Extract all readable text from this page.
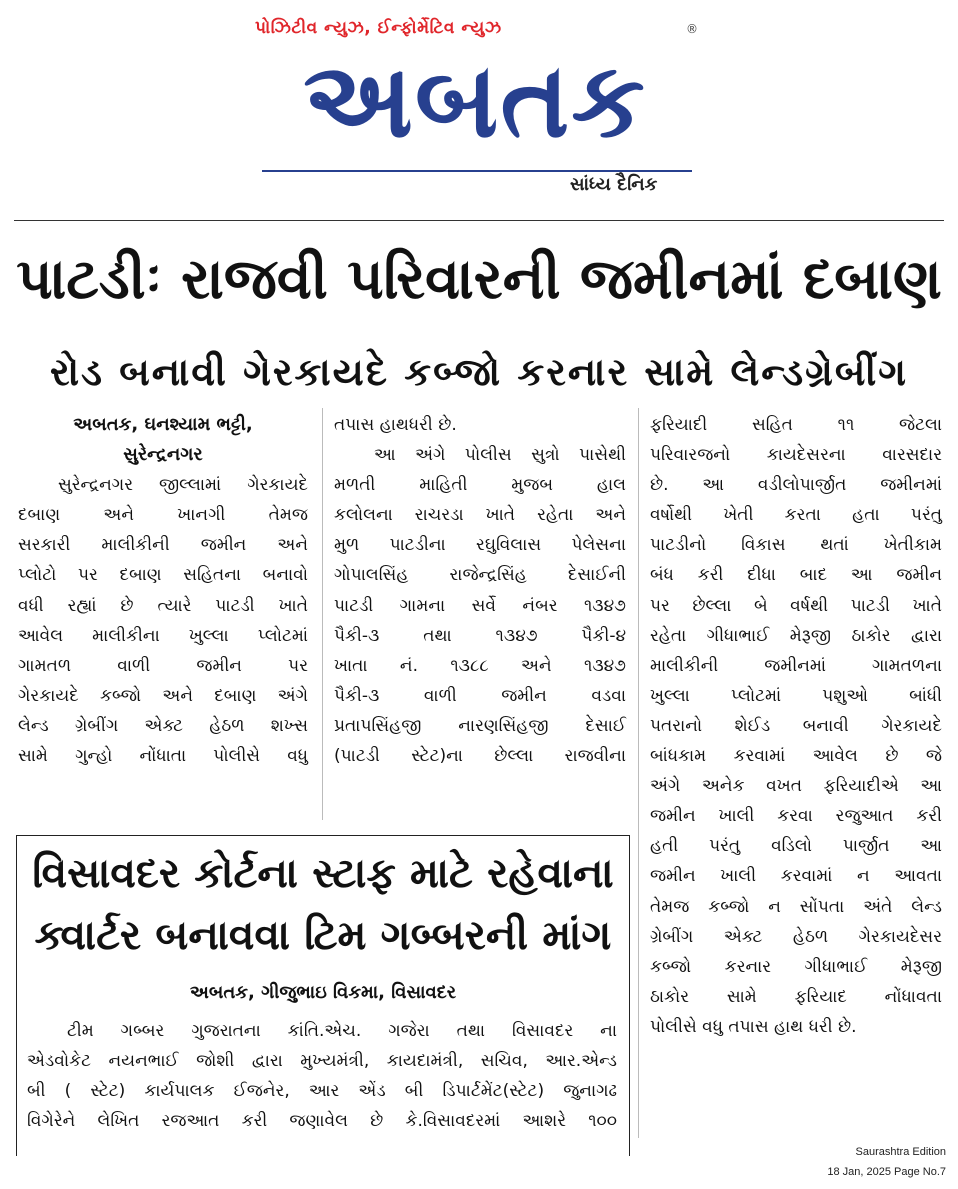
પોઝિટીવ ન્યુઝ, ઈન્ફોર્મેટિવ ન્યુઝ	®
અબતક
સાંધ્ય દૈનિક
પાટડીઃ રાજવી પરિવારની જમીનમાં દબાણ
રોડ બનાવી ગેરકાયદે કબ્જો કરનાર સામે લેન્ડગ્રેબીંગ
અબતક, ઘનશ્યામ ભટ્ટી,
સુરેન્દ્રનગર
સુરેન્દ્રનગર જીલ્લામાં ગેરકાયદે
દબાણ અને ખાનગી તેમજ
સરકારી માલીકીની જમીન અને
પ્લોટો પર દબાણ સહિતના બનાવો
વધી રહ્યાં છે ત્યારે પાટડી ખાતે
આવેલ માલીકીના ખુલ્લા પ્લોટમાં
ગામતળ વાળી જમીન પર
ગેરકાયદે કબ્જો અને દબાણ અંગે
લેન્ડ ગ્રેબીંગ એક્ટ હેઠળ શખ્સ
સામે ગુન્હો નોંધાતા પોલીસે વધુ
તપાસ હાથધરી છે.
આ અંગે પોલીસ સુત્રો પાસેથી
મળતી માહિતી મુજબ હાલ
કલોલના રાચરડા ખાતે રહેતા અને
મુળ પાટડીના રઘુવિલાસ પેલેસના
ગોપાલસિંહ રાજેન્દ્રસિંહ દેસાઈની
પાટડી ગામના સર્વે નંબર ૧૩૪૭
પૈકી-૩ તથા ૧૩૪૭ પૈકી-૪
ખાતા નં. ૧૩૮૮ અને ૧૩૪૭
પૈકી-૩ વાળી જમીન વડવા
પ્રતાપસિંહજી નારણસિંહજી દેસાઈ
(પાટડી સ્ટેટ)ના છેલ્લા રાજવીના
ફરિયાદી સહિત ૧૧ જેટલા
પરિવારજનો કાયદેસરના વારસદાર
છે. આ વડીલોપાર્જીત જમીનમાં
વર્ષોથી ખેતી કરતા હતા પરંતુ
પાટડીનો વિકાસ થતાં ખેતીકામ
બંધ કરી દીધા બાદ આ જમીન
પર છેલ્લા બે વર્ષથી પાટડી ખાતે
રહેતા ગીધાભાઈ મેરૂજી ઠાકોર દ્વારા
માલીકીની જમીનમાં ગામતળના
ખુલ્લા પ્લોટમાં પશુઓ બાંધી
પતરાનો શેઈડ બનાવી ગેરકાયદે
બાંધકામ કરવામાં આવેલ છે જે
અંગે અનેક વખત ફરિયાદીએ આ
જમીન ખાલી કરવા રજુઆત કરી
હતી પરંતુ વડિલો પાર્જીત આ
જમીન ખાલી કરવામાં ન આવતા
તેમજ કબ્જો ન સોંપતા અંતે લેન્ડ
ગ્રેબીંગ એક્ટ હેઠળ ગેરકાયદેસર
કબ્જો કરનાર ગીધાભાઈ મેરૂજી
ઠાકોર સામે ફરિયાદ નોંધાવતા
પોલીસે વધુ તપાસ હાથ ધરી છે.
વિસાવદર કોર્ટના સ્ટાફ માટે રહેવાના
ક્વાર્ટર બનાવવા ટિમ ગબ્બરની માંગ
અબતક, ગીજુભાઇ વિકમા, વિસાવદર
ટીમ ગબ્બર ગુજરાતના કાંતિ.એચ. ગજેરા તથા વિસાવદર ના
એડવોકેટ નયનભાઈ જોશી દ્વારા મુખ્યમંત્રી, કાયદામંત્રી, સચિવ, આર.એન્ડ
બી ( સ્ટેટ) કાર્યપાલક ઈજનેર, આર એંડ બી ડિપાર્ટમેંટ(સ્ટેટ) જુનાગઢ
વિગેરેને લેખિત રજઆત કરી જણાવેલ છે કે.વિસાવદરમાં આશરે ૧૦૦
Saurashtra Edition
18 Jan, 2025 Page No.7
